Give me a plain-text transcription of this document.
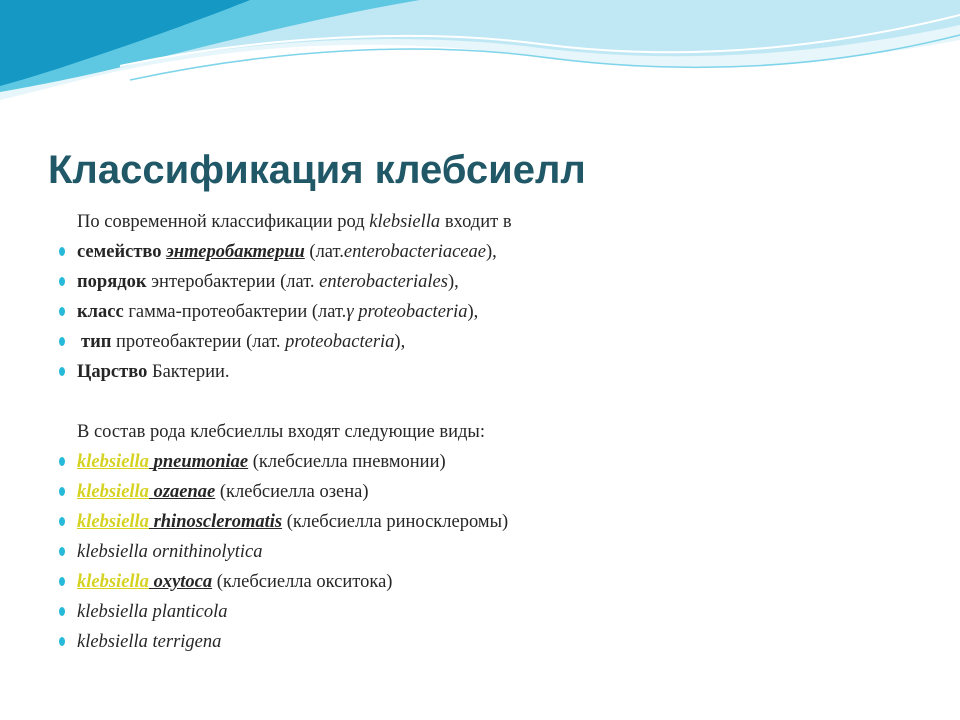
Классификация клебсиелл
По современной классификации род klebsiella входит в
семейство энтеробактерии (лат.enterobacteriaceae),
порядок энтеробактерии (лат. enterobacteriales),
класс гамма-протеобактерии (лат.γ proteobacteria),
тип протеобактерии (лат. proteobacteria),
Царство Бактерии.
В состав рода клебсиеллы входят следующие виды:
klebsiella pneumoniae (клебсиелла пневмонии)
klebsiella ozaenae (клебсиелла озена)
klebsiella rhinoscleromatis (клебсиелла риносклеромы)
klebsiella ornithinolytica
klebsiella oxytoca (клебсиелла окситока)
klebsiella planticola
klebsiella terrigena
